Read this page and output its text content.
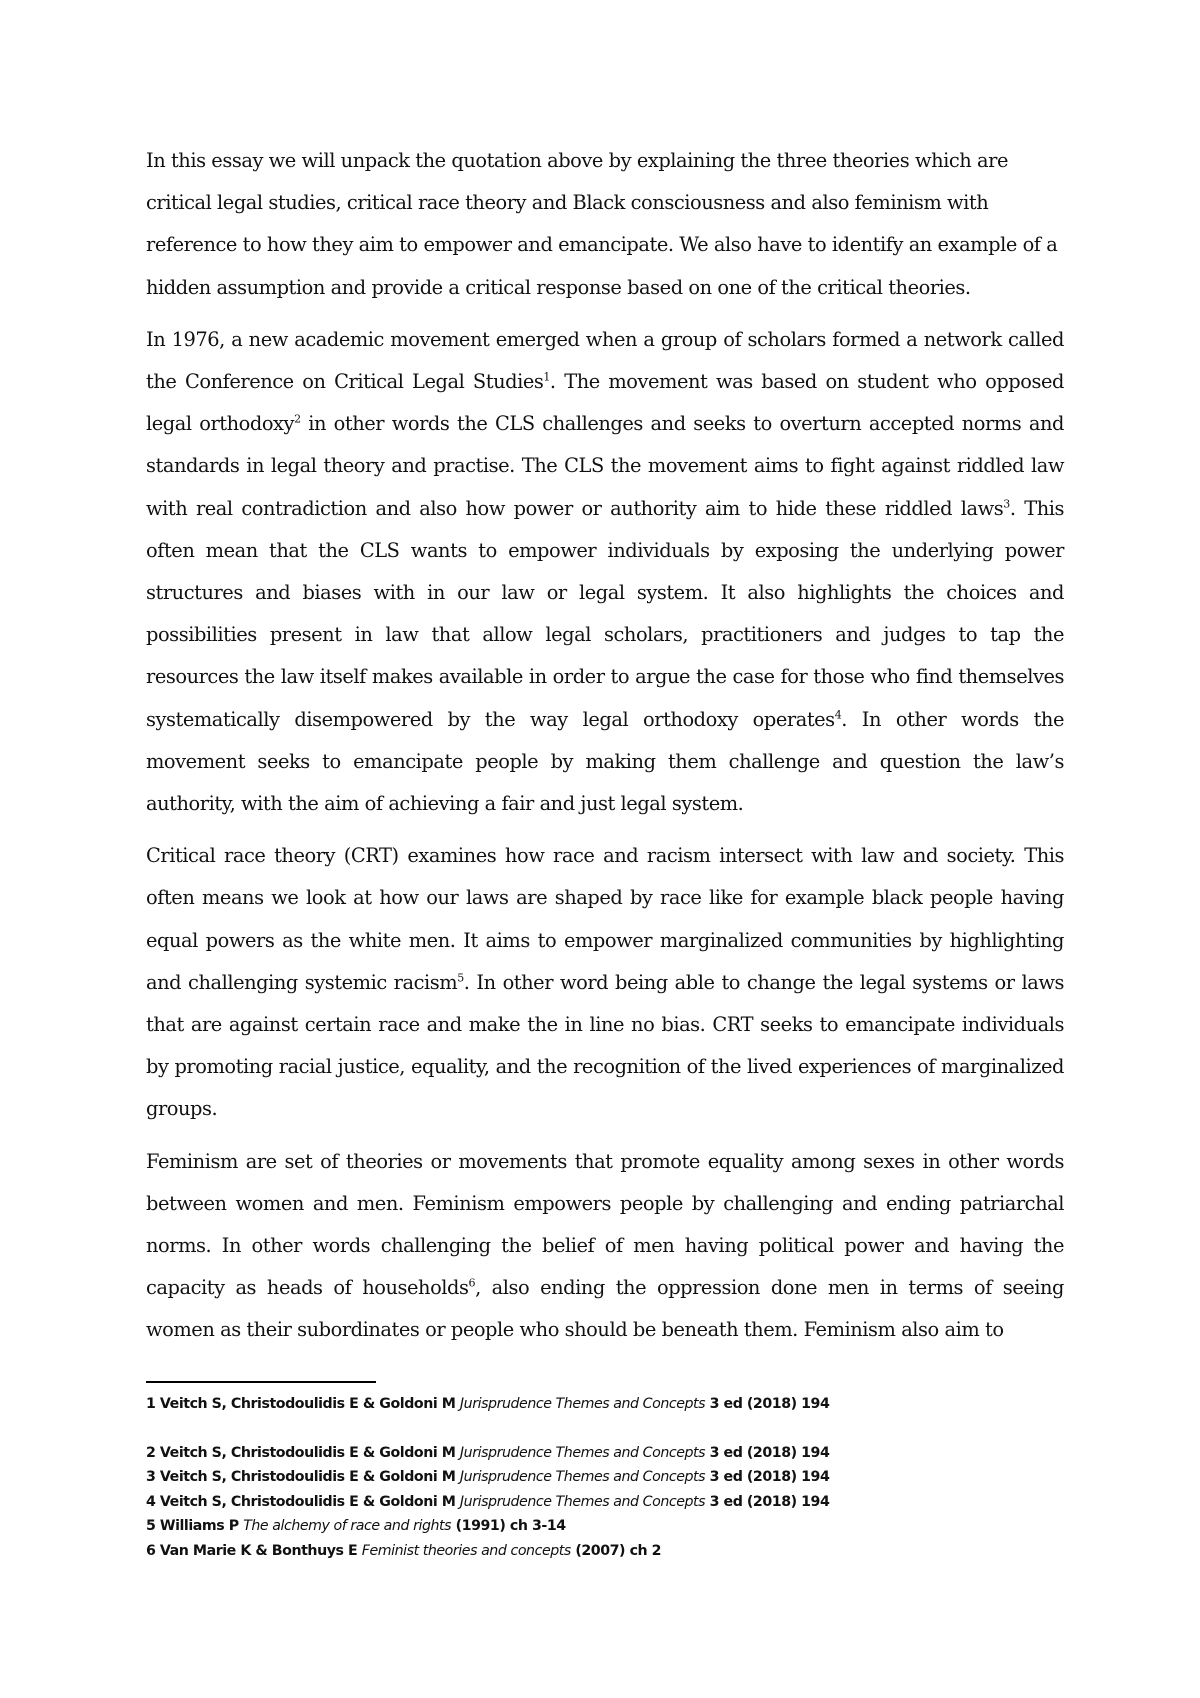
In this essay we will unpack the quotation above by explaining the three theories which are critical legal studies, critical race theory and Black consciousness and also feminism with reference to how they aim to empower and emancipate. We also have to identify an example of a hidden assumption and provide a critical response based on one of the critical theories.

In 1976, a new academic movement emerged when a group of scholars formed a network called the Conference on Critical Legal Studies$^1$. The movement was based on student who opposed legal orthodoxy$^2$ in other words the CLS challenges and seeks to overturn accepted norms and standards in legal theory and practise. The CLS the movement aims to fight against riddled law with real contradiction and also how power or authority aim to hide these riddled laws$^3$. This often mean that the CLS wants to empower individuals by exposing the underlying power structures and biases with in our law or legal system. It also highlights the choices and possibilities present in law that allow legal scholars, practitioners and judges to tap the resources the law itself makes available in order to argue the case for those who find themselves systematically disempowered by the way legal orthodoxy operates$^4$. In other words the movement seeks to emancipate people by making them challenge and question the law’s authority, with the aim of achieving a fair and just legal system.

Critical race theory (CRT) examines how race and racism intersect with law and society. This often means we look at how our laws are shaped by race like for example black people having equal powers as the white men. It aims to empower marginalized communities by highlighting and challenging systemic racism$^5$. In other word being able to change the legal systems or laws that are against certain race and make the in line no bias. CRT seeks to emancipate individuals by promoting racial justice, equality, and the recognition of the lived experiences of marginalized groups.

Feminism are set of theories or movements that promote equality among sexes in other words between women and men. Feminism empowers people by challenging and ending patriarchal norms. In other words challenging the belief of men having political power and having the capacity as heads of households$^6$, also ending the oppression done men in terms of seeing women as their subordinates or people who should be beneath them. Feminism also aim to

1 Veitch S, Christodoulidis E & Goldoni M Jurisprudence Themes and Concepts 3 ed (2018) 194
2 Veitch S, Christodoulidis E & Goldoni M Jurisprudence Themes and Concepts 3 ed (2018) 194
3 Veitch S, Christodoulidis E & Goldoni M Jurisprudence Themes and Concepts 3 ed (2018) 194
4 Veitch S, Christodoulidis E & Goldoni M Jurisprudence Themes and Concepts 3 ed (2018) 194
5 Williams P The alchemy of race and rights (1991) ch 3-14
6 Van Marie K & Bonthuys E Feminist theories and concepts (2007) ch 2
